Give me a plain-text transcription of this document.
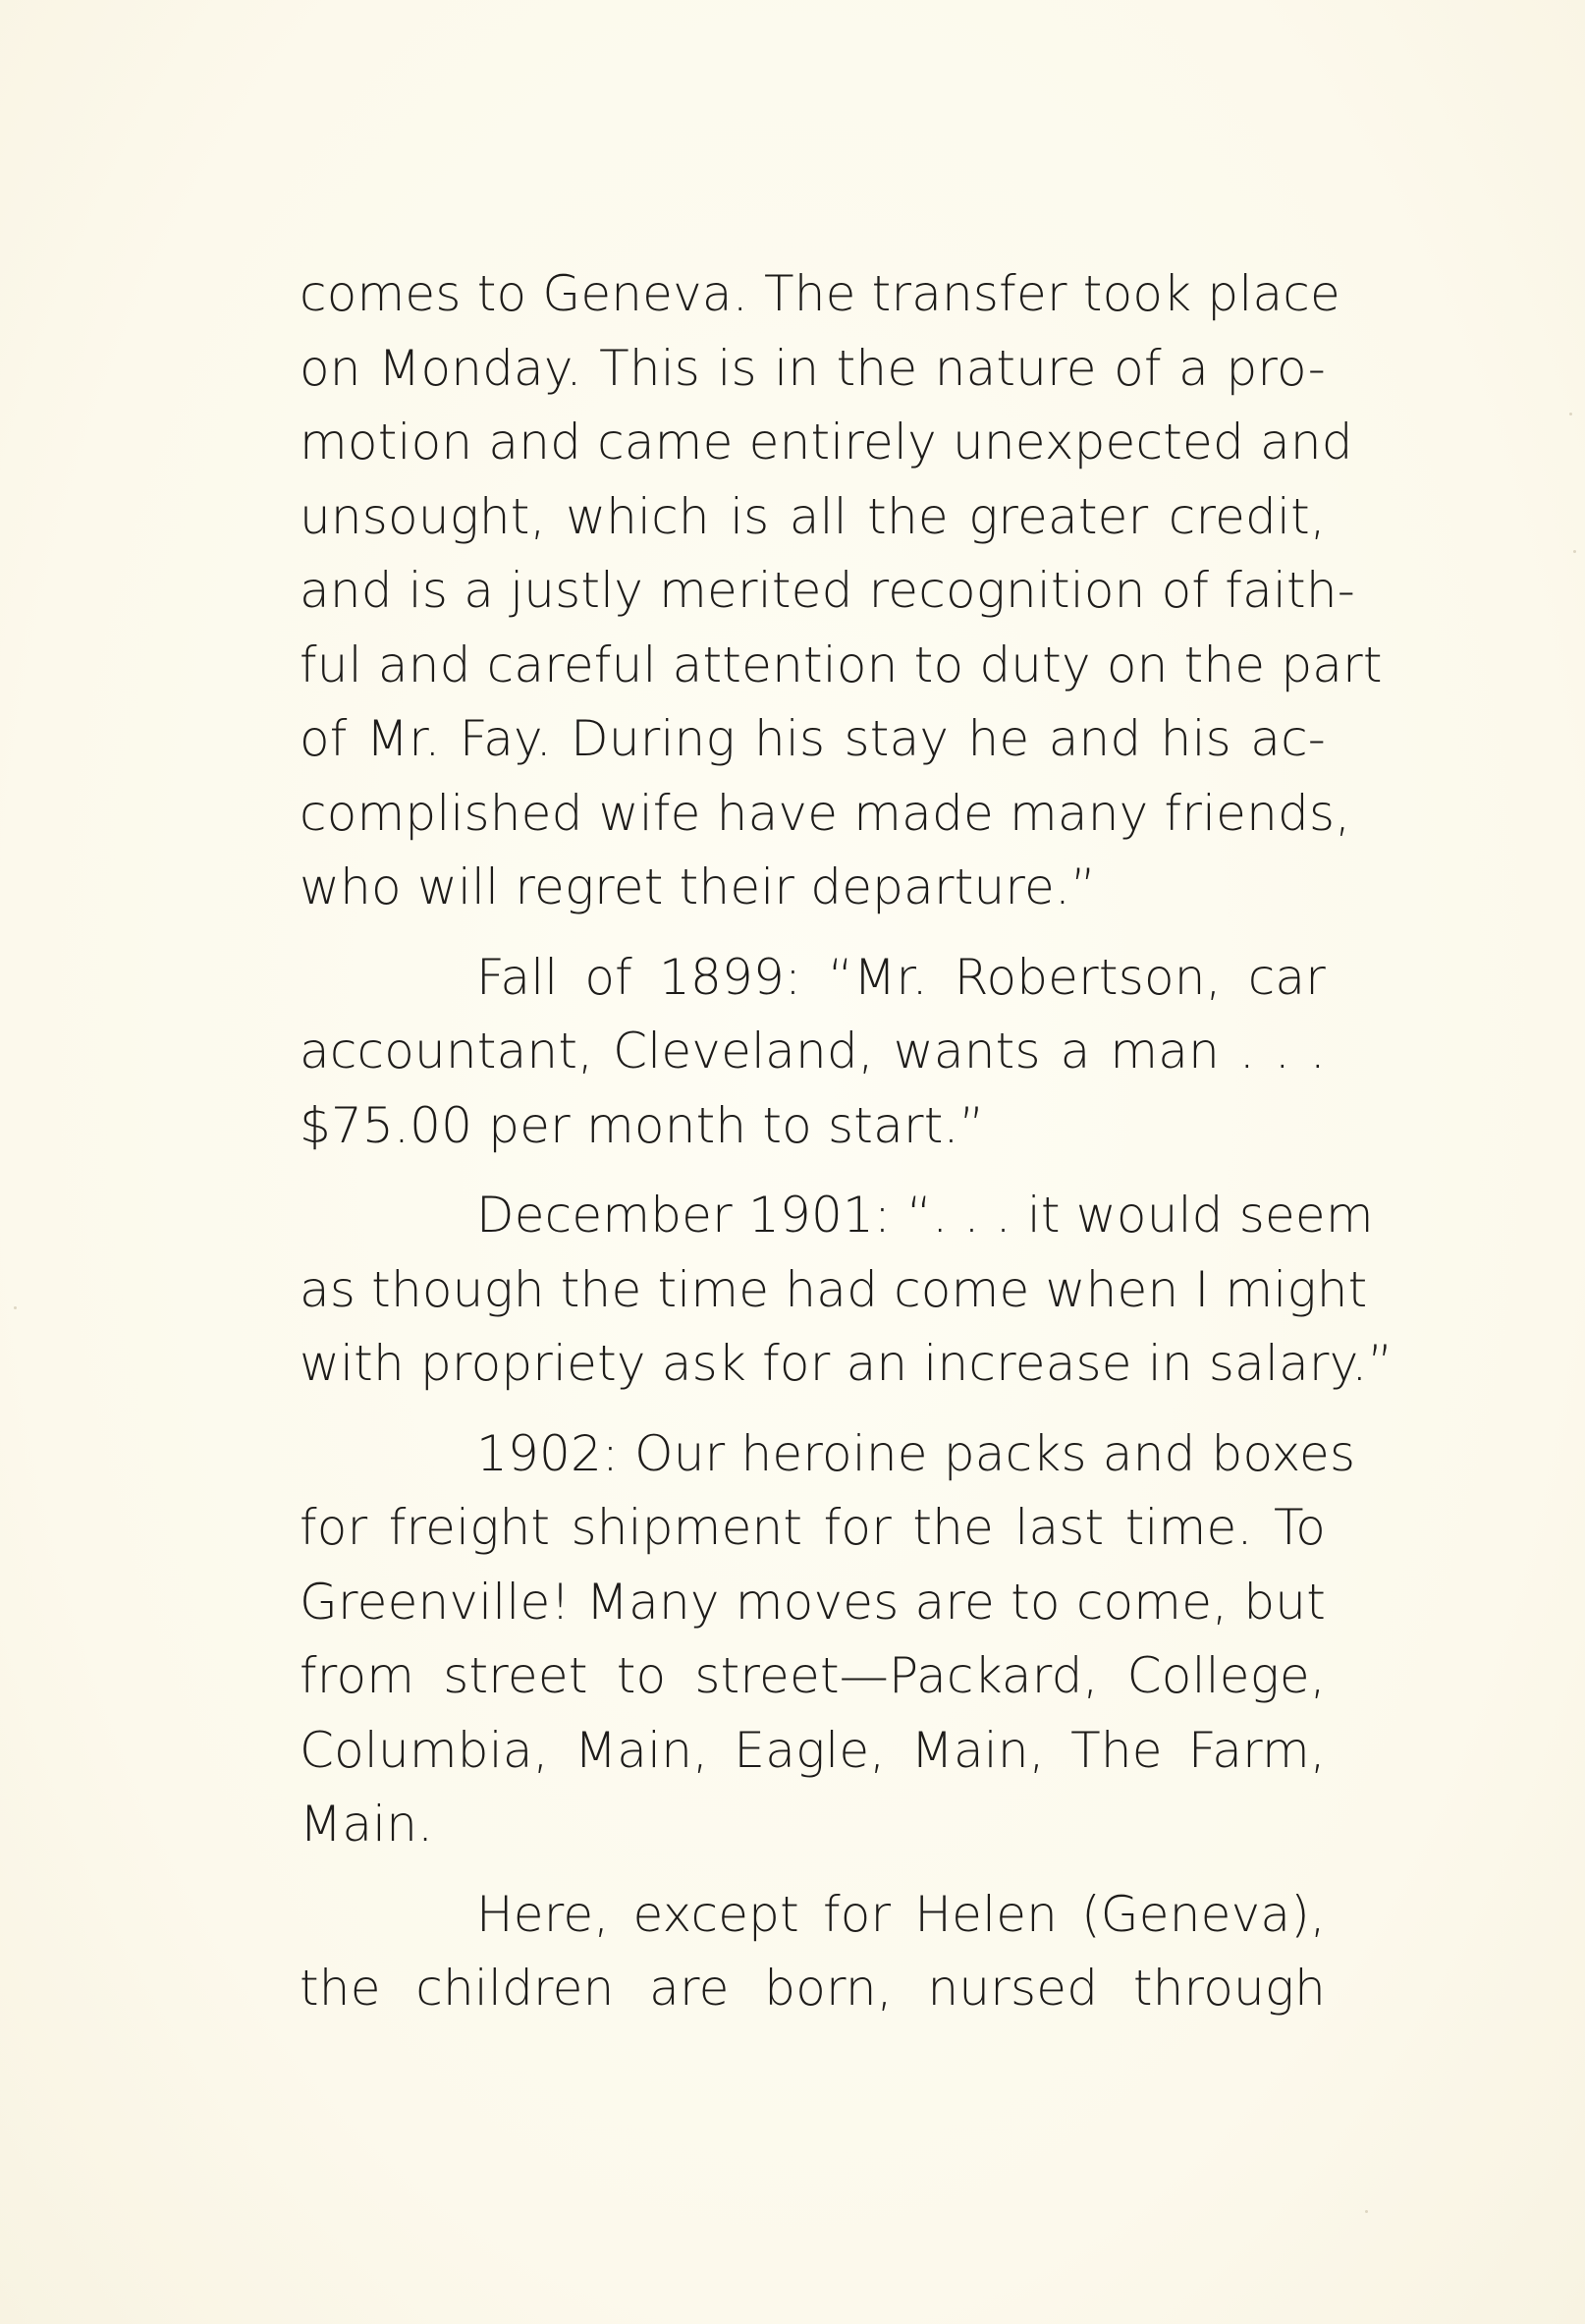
comes to Geneva. The transfer took place
on Monday. This is in the nature of a pro-
motion and came entirely unexpected and
unsought, which is all the greater credit,
and is a justly merited recognition of faith-
ful and careful attention to duty on the part
of Mr. Fay. During his stay he and his ac-
complished wife have made many friends,
who will regret their departure.”

Fall of 1899: “Mr. Robertson, car
accountant, Cleveland, wants a man . . .
$75.00 per month to start.”

December 1901: “. . . it would seem
as though the time had come when I might
with propriety ask for an increase in salary.”

1902: Our heroine packs and boxes
for freight shipment for the last time. To
Greenville! Many moves are to come, but
from street to street—Packard, College,
Columbia, Main, Eagle, Main, The Farm,
Main.

Here, except for Helen (Geneva),
the children are born, nursed through
